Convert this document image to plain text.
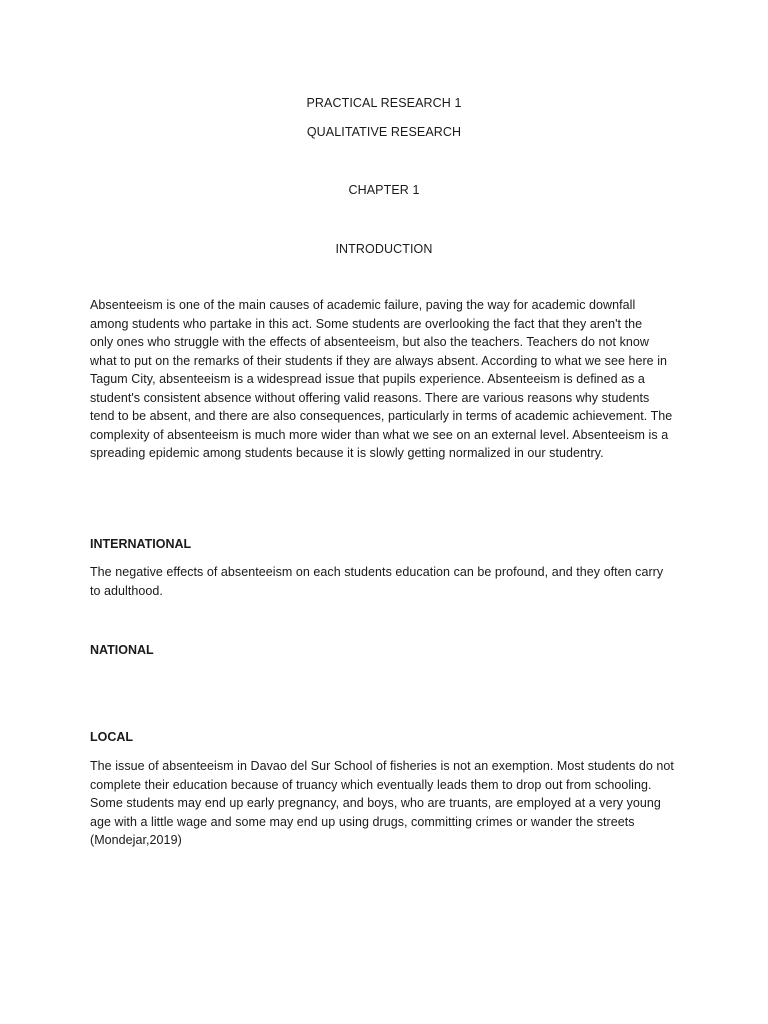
PRACTICAL RESEARCH 1
QUALITATIVE RESEARCH
CHAPTER 1
INTRODUCTION
Absenteeism is one of the main causes of academic failure, paving the way for academic downfall
among students who partake in this act. Some students are overlooking the fact that they aren't the
only ones who struggle with the effects of absenteeism, but also the teachers. Teachers do not know
what to put on the remarks of their students if they are always absent. According to what we see here in
Tagum City, absenteeism is a widespread issue that pupils experience. Absenteeism is defined as a
student's consistent absence without offering valid reasons. There are various reasons why students
tend to be absent, and there are also consequences, particularly in terms of academic achievement. The
complexity of absenteeism is much more wider than what we see on an external level. Absenteeism is a
spreading epidemic among students because it is slowly getting normalized in our studentry.
INTERNATIONAL
The negative effects of absenteeism on each students education can be profound, and they often carry
to adulthood.
NATIONAL
LOCAL
The issue of absenteeism in Davao del Sur School of fisheries is not an exemption. Most students do not
complete their education because of truancy which eventually leads them to drop out from schooling.
Some students may end up early pregnancy, and boys, who are truants, are employed at a very young
age with a little wage and some may end up using drugs, committing crimes or wander the streets
(Mondejar,2019)
